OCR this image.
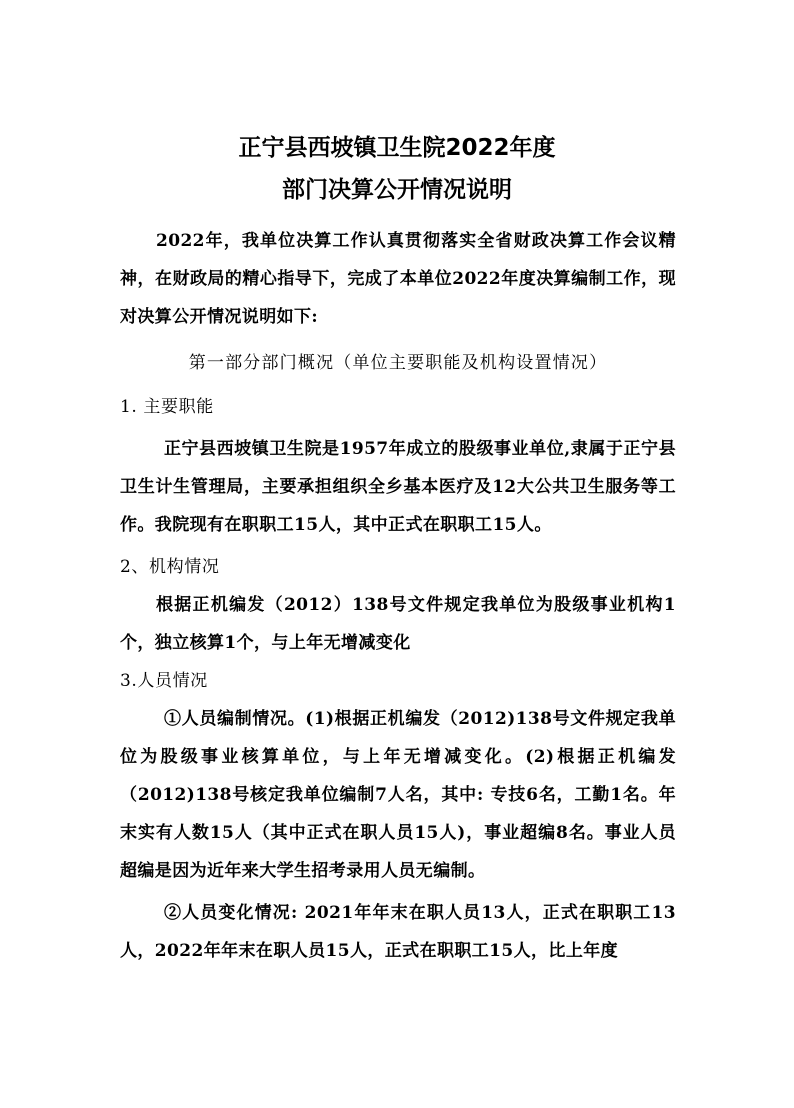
正宁县西坡镇卫生院2022年度
部门决算公开情况说明

2022年，我单位决算工作认真贯彻落实全省财政决算工作会议精神，在财政局的精心指导下，完成了本单位2022年度决算编制工作，现对决算公开情况说明如下:

第一部分部门概况（单位主要职能及机构设置情况）

1. 主要职能

正宁县西坡镇卫生院是1957年成立的股级事业单位,隶属于正宁县卫生计生管理局，主要承担组织全乡基本医疗及12大公共卫生服务等工作。我院现有在职职工15人，其中正式在职职工15人。

2、机构情况

根据正机编发（2012）138号文件规定我单位为股级事业机构1个，独立核算1个，与上年无增减变化

3.人员情况

①人员编制情况。(1)根据正机编发（2012)138号文件规定我单位为股级事业核算单位，与上年无增减变化。(2)根据正机编发（2012)138号核定我单位编制7人名，其中: 专技6名，工勤1名。年末实有人数15人（其中正式在职人员15人)，事业超编8名。事业人员超编是因为近年来大学生招考录用人员无编制。

②人员变化情况: 2021年年末在职人员13人，正式在职职工13人，2022年年末在职人员15人，正式在职职工15人，比上年度
